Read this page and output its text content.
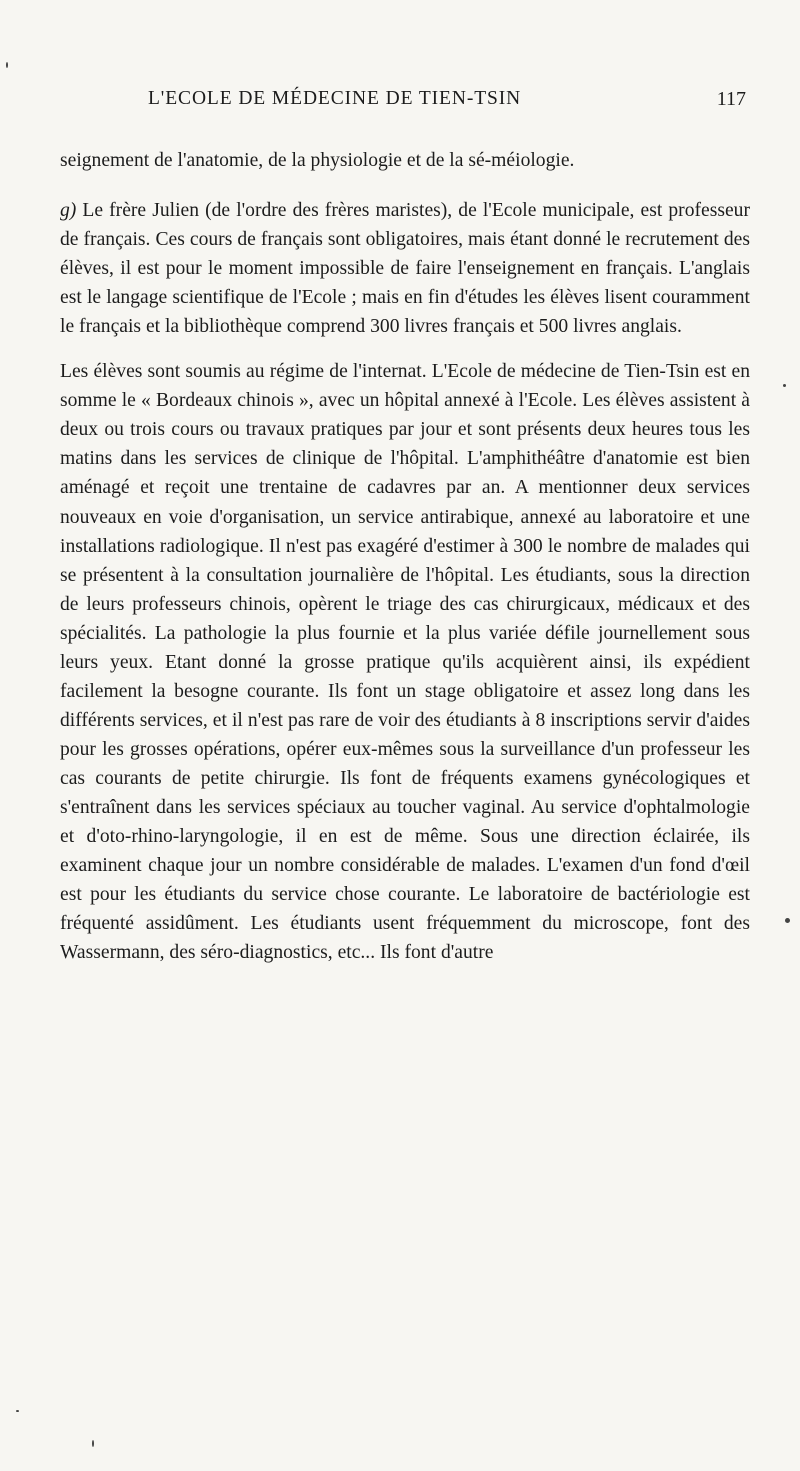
L'ECOLE DE MÉDECINE DE TIEN-TSIN	117

seignement de l'anatomie, de la physiologie et de la sé-méiologie.

g) Le frère Julien (de l'ordre des frères maristes), de l'Ecole municipale, est professeur de français. Ces cours de français sont obligatoires, mais étant donné le recrutement des élèves, il est pour le moment impossible de faire l'enseignement en français. L'anglais est le langage scientifique de l'Ecole ; mais en fin d'études les élèves lisent couramment le français et la bibliothèque comprend 300 livres français et 500 livres anglais.

Les élèves sont soumis au régime de l'internat. L'Ecole de médecine de Tien-Tsin est en somme le « Bordeaux chinois », avec un hôpital annexé à l'Ecole. Les élèves assistent à deux ou trois cours ou travaux pratiques par jour et sont présents deux heures tous les matins dans les services de clinique de l'hôpital. L'amphithéâtre d'anatomie est bien aménagé et reçoit une trentaine de cadavres par an. A mentionner deux services nouveaux en voie d'organisation, un service antirabique, annexé au laboratoire et une installations radiologique. Il n'est pas exagéré d'estimer à 300 le nombre de malades qui se présentent à la consultation journalière de l'hôpital. Les étudiants, sous la direction de leurs professeurs chinois, opèrent le triage des cas chirurgicaux, médicaux et des spécialités. La pathologie la plus fournie et la plus variée défile journellement sous leurs yeux. Etant donné la grosse pratique qu'ils acquièrent ainsi, ils expédient facilement la besogne courante. Ils font un stage obligatoire et assez long dans les différents services, et il n'est pas rare de voir des étudiants à 8 inscriptions servir d'aides pour les grosses opérations, opérer eux-mêmes sous la surveillance d'un professeur les cas courants de petite chirurgie. Ils font de fréquents examens gynécologiques et s'entraînent dans les services spéciaux au toucher vaginal. Au service d'ophtalmologie et d'oto-rhino-laryngologie, il en est de même. Sous une direction éclairée, ils examinent chaque jour un nombre considérable de malades. L'examen d'un fond d'œil est pour les étudiants du service chose courante. Le laboratoire de bactériologie est fréquenté assidûment. Les étudiants usent fréquemment du microscope, font des Wassermann, des séro-diagnostics, etc... Ils font d'autre
